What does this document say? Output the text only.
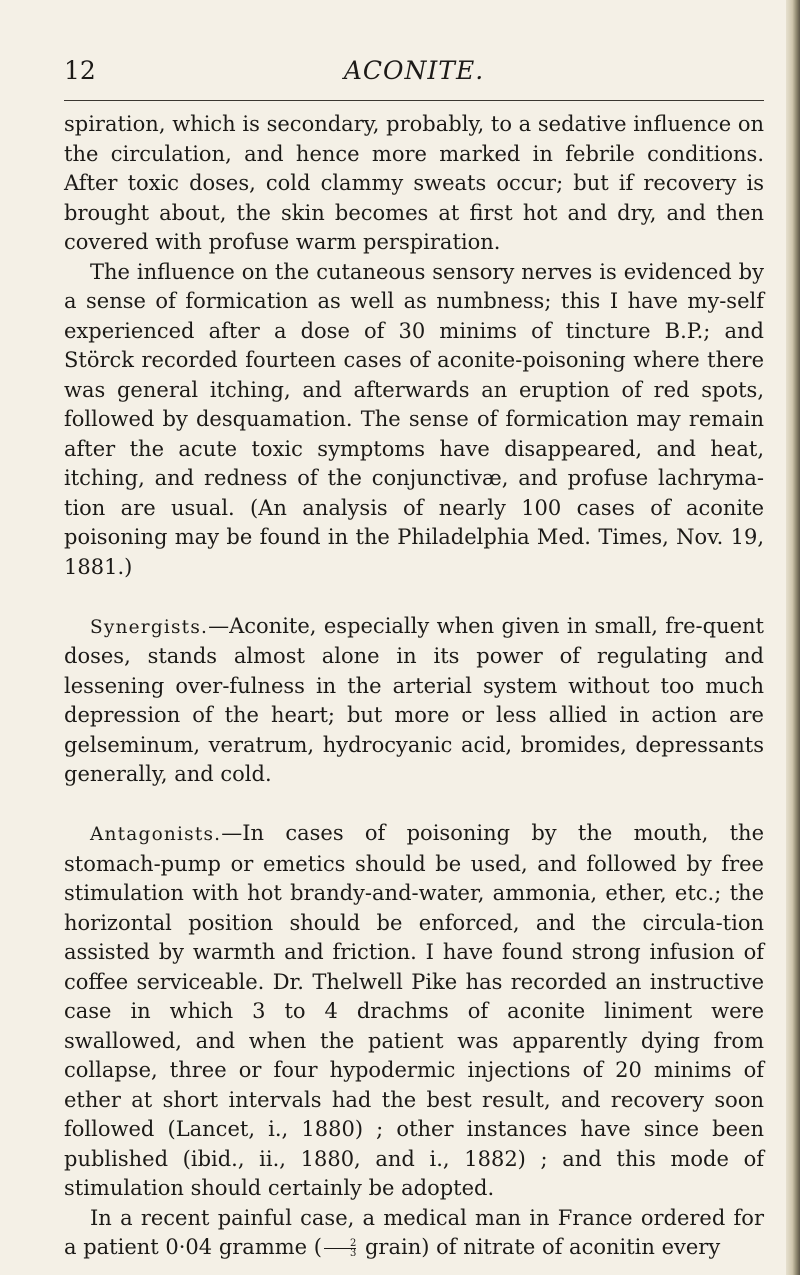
12	ACONITE.

spiration, which is secondary, probably, to a sedative influence on the circulation, and hence more marked in febrile conditions. After toxic doses, cold clammy sweats occur; but if recovery is brought about, the skin becomes at first hot and dry, and then covered with profuse warm perspiration.

The influence on the cutaneous sensory nerves is evidenced by a sense of formication as well as numbness; this I have my-self experienced after a dose of 30 minims of tincture B.P.; and Störck recorded fourteen cases of aconite-poisoning where there was general itching, and afterwards an eruption of red spots, followed by desquamation. The sense of formication may remain after the acute toxic symptoms have disappeared, and heat, itching, and redness of the conjunctivæ, and profuse lachryma-tion are usual. (An analysis of nearly 100 cases of aconite poisoning may be found in the Philadelphia Med. Times, Nov. 19, 1881.)

Synergists.—Aconite, especially when given in small, fre-quent doses, stands almost alone in its power of regulating and lessening over-fulness in the arterial system without too much depression of the heart; but more or less allied in action are gelseminum, veratrum, hydrocyanic acid, bromides, depressants generally, and cold.

Antagonists.—In cases of poisoning by the mouth, the stomach-pump or emetics should be used, and followed by free stimulation with hot brandy-and-water, ammonia, ether, etc.; the horizontal position should be enforced, and the circula-tion assisted by warmth and friction. I have found strong infusion of coffee serviceable. Dr. Thelwell Pike has recorded an instructive case in which 3 to 4 drachms of aconite liniment were swallowed, and when the patient was apparently dying from collapse, three or four hypodermic injections of 20 minims of ether at short intervals had the best result, and recovery soon followed (Lancet, i., 1880) ; other instances have since been published (ibid., ii., 1880, and i., 1882) ; and this mode of stimulation should certainly be adopted.

In a recent painful case, a medical man in France ordered for a patient 0·04 gramme ( $\frac{2}{3}$ grain) of nitrate of aconitin every
